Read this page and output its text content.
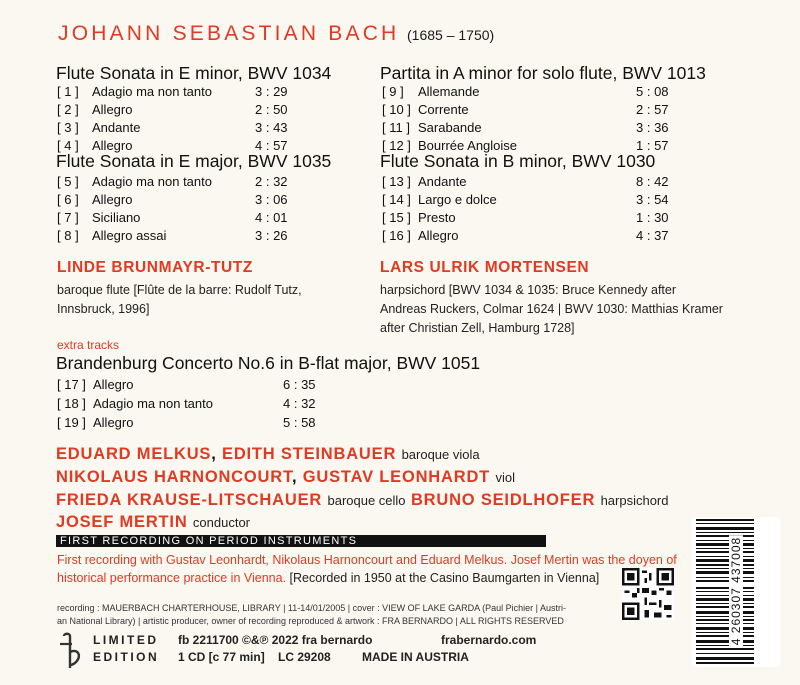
JOHANN SEBASTIAN BACH (1685 – 1750)
Flute Sonata in E minor, BWV 1034
[ 1 ] Adagio ma non tanto	3 : 29
[ 2 ] Allegro	2 : 50
[ 3 ] Andante	3 : 43
[ 4 ] Allegro	4 : 57
Flute Sonata in E major, BWV 1035
[ 5 ] Adagio ma non tanto	2 : 32
[ 6 ] Allegro	3 : 06
[ 7 ] Siciliano	4 : 01
[ 8 ] Allegro assai	3 : 26
Partita in A minor for solo flute, BWV 1013
[ 9 ] Allemande	5 : 08
[ 10 ] Corrente	2 : 57
[ 11 ] Sarabande	3 : 36
[ 12 ] Bourrée Angloise	1 : 57
Flute Sonata in B minor, BWV 1030
[ 13 ] Andante	8 : 42
[ 14 ] Largo e dolce	3 : 54
[ 15 ] Presto	1 : 30
[ 16 ] Allegro	4 : 37
LINDE BRUNMAYR-TUTZ
baroque flute [Flûte de la barre: Rudolf Tutz,
Innsbruck, 1996]
LARS ULRIK MORTENSEN
harpsichord [BWV 1034 & 1035: Bruce Kennedy after
Andreas Ruckers, Colmar 1624 | BWV 1030: Matthias Kramer
after Christian Zell, Hamburg 1728]
extra tracks
Brandenburg Concerto No.6 in B-flat major, BWV 1051
[ 17 ] Allegro	6 : 35
[ 18 ] Adagio ma non tanto	4 : 32
[ 19 ] Allegro	5 : 58
EDUARD MELKUS, EDITH STEINBAUER baroque viola
NIKOLAUS HARNONCOURT, GUSTAV LEONHARDT viol
FRIEDA KRAUSE-LITSCHAUER baroque cello BRUNO SEIDLHOFER harpsichord
JOSEF MERTIN conductor
FIRST RECORDING ON PERIOD INSTRUMENTS
First recording with Gustav Leonhardt, Nikolaus Harnoncourt and Eduard Melkus. Josef Mertin was the doyen of
historical performance practice in Vienna. [Recorded in 1950 at the Casino Baumgarten in Vienna]
recording : MAUERBACH CHARTERHOUSE, LIBRARY | 11-14/01/2005 | cover : VIEW OF LAKE GARDA (Paul Pichier | Austri-
an National Library) | artistic producer, owner of recording reproduced & artwork : FRA BERNARDO | ALL RIGHTS RESERVED
LIMITED
EDITION
fb 2211700 ©&℗ 2022 fra bernardo	frabernardo.com
1 CD [c 77 min] LC 29208	MADE IN AUSTRIA
4 260307 437008
